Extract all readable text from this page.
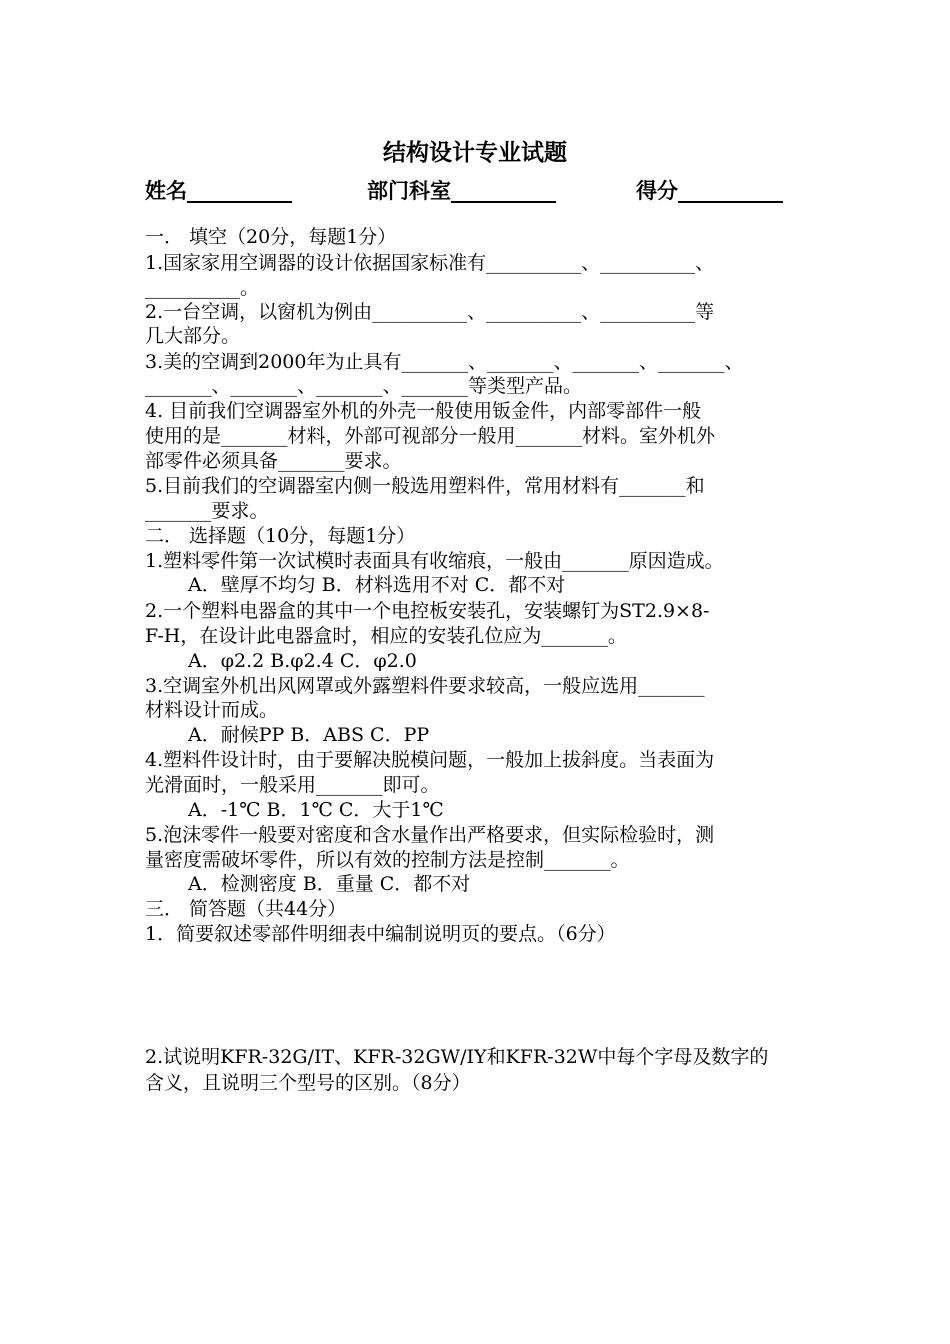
结构设计专业试题
姓名__________	部门科室__________	得分__________
一． 填空（20分，每题1分）
1.国家家用空调器的设计依据国家标准有__________、__________、
__________。
2.一台空调，以窗机为例由__________、__________、__________等
几大部分。
3.美的空调到2000年为止具有_______、_______、_______、_______、
_______、_______、_______、_______等类型产品。
4. 目前我们空调器室外机的外壳一般使用钣金件，内部零部件一般
使用的是_______材料，外部可视部分一般用_______材料。室外机外
部零件必须具备_______要求。
5.目前我们的空调器室内侧一般选用塑料件，常用材料有_______和
_______要求。
二． 选择题（10分，每题1分）
1.塑料零件第一次试模时表面具有收缩痕，一般由_______原因造成。
A．壁厚不均匀 B．材料选用不对 C．都不对
2.一个塑料电器盒的其中一个电控板安装孔，安装螺钉为ST2.9×8-
F-H，在设计此电器盒时，相应的安装孔位应为_______。
A．φ2.2 B.φ2.4 C．φ2.0
3.空调室外机出风网罩或外露塑料件要求较高，一般应选用_______
材料设计而成。
A．耐候PP B．ABS C．PP
4.塑料件设计时，由于要解决脱模问题，一般加上拔斜度。当表面为
光滑面时，一般采用_______即可。
A．-1℃ B．1℃ C．大于1℃
5.泡沫零件一般要对密度和含水量作出严格要求，但实际检验时，测
量密度需破坏零件，所以有效的控制方法是控制_______。
A．检测密度 B．重量 C．都不对
三． 简答题（共44分）
1．简要叙述零部件明细表中编制说明页的要点。（6分）
2.试说明KFR-32G/IT、KFR-32GW/IY和KFR-32W中每个字母及数字的
含义，且说明三个型号的区别。（8分）
